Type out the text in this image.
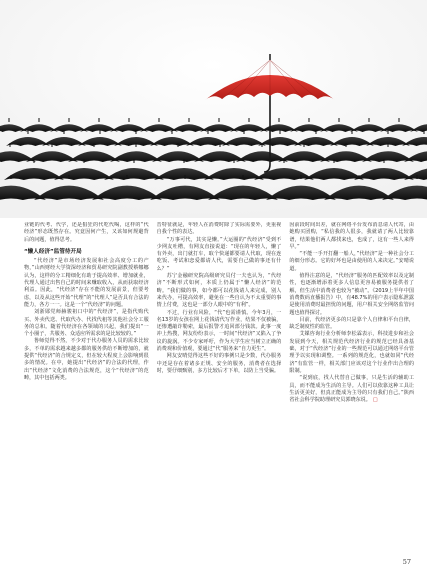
业链的代考、代学，还是猖狂的代吃代喝，这样的“代经济”形态既然存在。究竟因何产生，又该如何规避背后的问题，值得思考。

“懒人经济”监管待开局

“代经济”是市场经济发展和社会高度分工的产物，”山西财经大学资深经济和贸易研究院副教授蔡娜娜认为，这样的分工精细化有助于提高效率、增加就业，代理人通过出售自己的时间来赚取收入，从而获取经济利益。因此，“代经济”存在不能的发展前景，但要考虑，以及从这些开始“代理”的“代理人”是否具有合法的能力，各方一一。这是一个“代经济”的问题。

刘浙郧党师赫骏祖口中的“代经济”，是指代购代买、外卖代送、代取代办、代找代租等其他社会分工服务的总和。随着代经济在各领域的兴起，我们提出“一个小圈子，共服务、众适应所需求的是比较较的。”

鲁师觉得不然，不少对于代办服务人员的需求比较多，不单的需求越来越多都的服务供给不断增加的，就提供“代经济”的合规定义，但在较大程度上会影响到很多的情况。在中，她提出“代经济”的合法的代理，作出“代经济”文化消费的合法规范，这个“代经济”的范畴，其中包括两类。

晋特征就是，年轻人在消费时除了实际需要外，更重视自我个性的表达。

“万事可代，其实是懒。”大运圈的“代经济”受到不少网友吐槽，有网友直接说道：“现在的年轻人，懒了有外卖，出门就打车，取个快递都要请人代取，现在连吃饭、考试和恋爱都请人代，需要自己做的事还有什么？”

苏宁金融研究院高级研究员付一夫也认为，“代经济”不断形式如何，本质上仍属于“懒人经济”的范畴。“我们做的事，如今都可以花钱请人来完成，别人来代办，可提高效率，避免在一些自认为不太重要的事情上付费，这也是一部分人眼中的“有利”。

不过，行业有风险，“代”也需谨慎。今年3月，一名13岁的女孩在网上花钱请代写作业，结果不仅被骗，还惨遭敲诈勒索，最后报警才追回部分钱款。此事一度冲上热搜，网友纷纷表示，一时间“代经济”又陷入了争议的旋涡。不少专家呼吁，作为大学生应当树立正确的消费观和价值观，要通过“代”服务来“自力更生”。

网友安晴觉得这些不好的事例只是少数，代办服务中还是存在着诸多正规、安全的服务，消费者在选择时，要仔细甄别，多方比较后才下单，以防上当受骗。

因前段时间出差，就在网络平台发布消息请人代寄，由她购买团购，“私信我的人很多，我就请了两人比较靠谱，结果他们两人都找来也，也成了，这有一些人来得早。”

“不能一手开打翻一船人，”代经济”是一种社会分工的细分形态。它的好坏也是由使用的人来决定。”安晴说道。

值得注意的是，“代经济”服务的匹配效率以及定制性，也逐渐增添着更多人信息更容易被服务提供者了解，但生活中消费者也较为“被动”。《2019上半年中国消费数码直播报告》中，有48.7%的用户表示隐私泄露是使用消费时最担忧的问题，用户相关安全网络监管问题也值得探讨。

目前，代经济更多的只是靠个人自律和平台自律，缺乏制度性的监管。

艾媒咨询行业分析师李松霖表示，科技进步和社会发展到今天，相关规范代经济行业的规范已经具备基础，对于“代经济”行业的一些规范可以通过网络平台管理予以实现和调整。一系列的规范化，也就如同“代经济”有监管一样，相关部门应该对这个行业作出合理的限制。

“说到底，找人代替自己做事，只是生活的辅助工具，而不能成为生活的主导。人们可以依靠这种工具让生活更美好，但真正能成为主导的只有我们自己。”陕西省社会科学院助理研究员郭晓东说。 □

57
